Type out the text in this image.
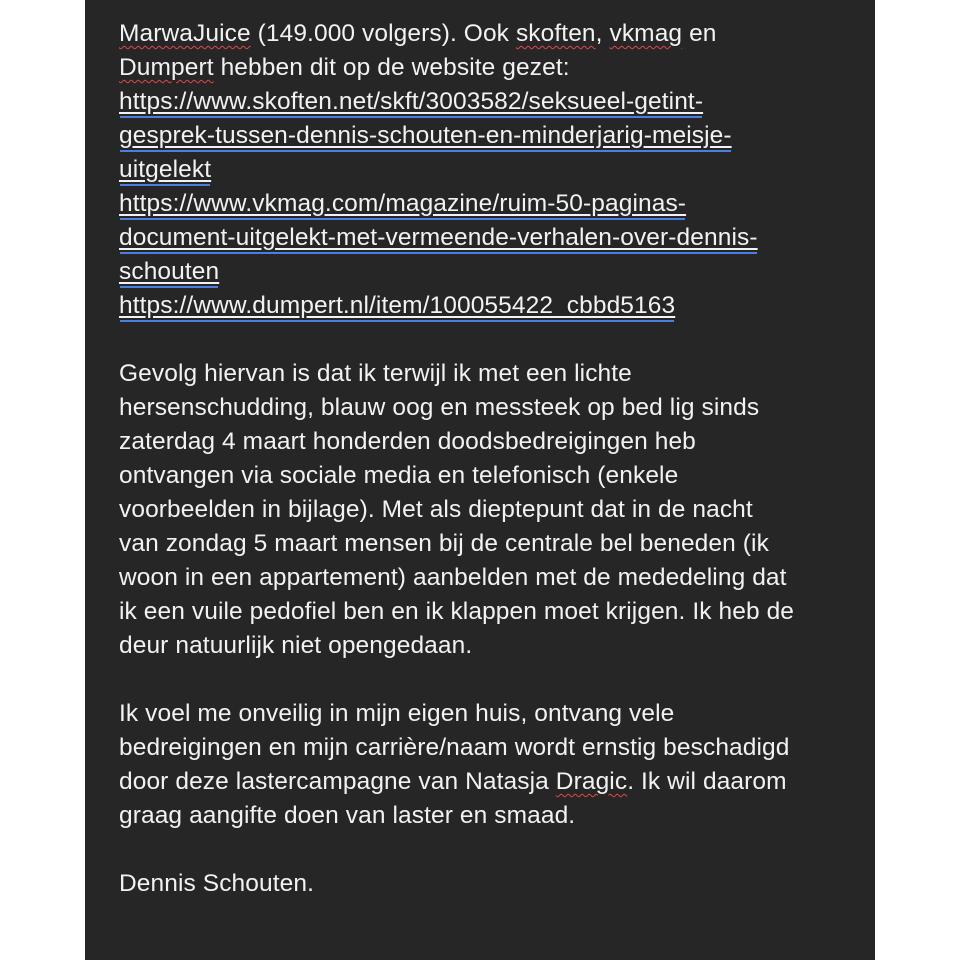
MarwaJuice (149.000 volgers). Ook skoften, vkmag en
Dumpert hebben dit op de website gezet:
https://www.skoften.net/skft/3003582/seksueel-getint-
gesprek-tussen-dennis-schouten-en-minderjarig-meisje-
uitgelekt
https://www.vkmag.com/magazine/ruim-50-paginas-
document-uitgelekt-met-vermeende-verhalen-over-dennis-
schouten
https://www.dumpert.nl/item/100055422_cbbd5163
Gevolg hiervan is dat ik terwijl ik met een lichte
hersenschudding, blauw oog en messteek op bed lig sinds
zaterdag 4 maart honderden doodsbedreigingen heb
ontvangen via sociale media en telefonisch (enkele
voorbeelden in bijlage). Met als dieptepunt dat in de nacht
van zondag 5 maart mensen bij de centrale bel beneden (ik
woon in een appartement) aanbelden met de mededeling dat
ik een vuile pedofiel ben en ik klappen moet krijgen. Ik heb de
deur natuurlijk niet opengedaan.
Ik voel me onveilig in mijn eigen huis, ontvang vele
bedreigingen en mijn carrière/naam wordt ernstig beschadigd
door deze lastercampagne van Natasja Dragic. Ik wil daarom
graag aangifte doen van laster en smaad.
Dennis Schouten.
